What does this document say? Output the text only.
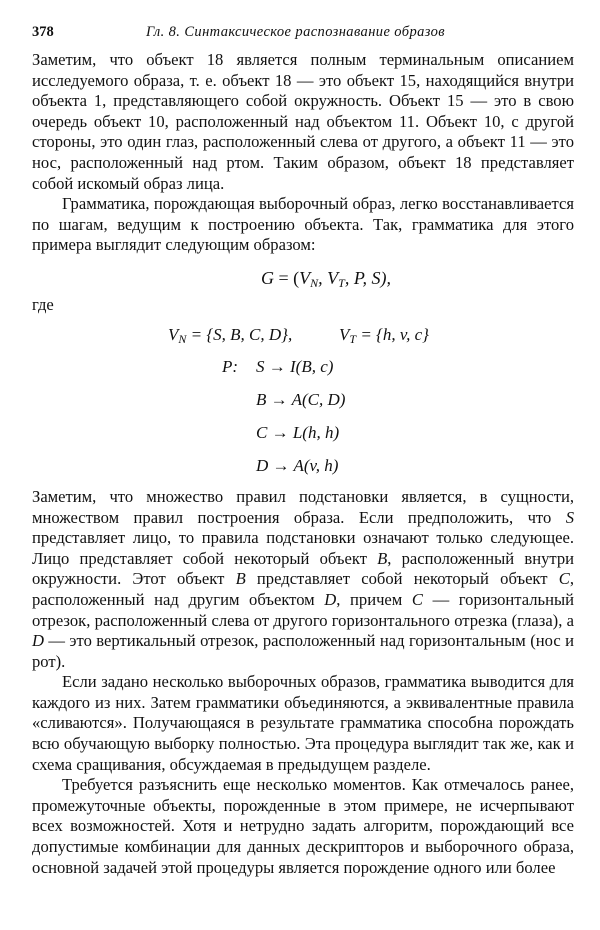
378	Гл. 8. Синтаксическое распознавание образов

Заметим, что объект 18 является полным терминальным описанием исследуемого образа, т. е. объект 18 — это объект 15, находящийся внутри объекта 1, представляющего собой окружность. Объект 15 — это в свою очередь объект 10, расположенный над объектом 11. Объект 10, с другой стороны, это один глаз, расположенный слева от другого, а объект 11 — это нос, расположенный над ртом. Таким образом, объект 18 представляет собой искомый образ лица.

Грамматика, порождающая выборочный образ, легко восстанавливается по шагам, ведущим к построению объекта. Так, грамматика для этого примера выглядит следующим образом:

$G = (V_N$, $V_T$, P, S),
где
$V_N = \{S$, B, C, D},	$V_T = \{h$, v, c}
P: S → I(B, c)
B → A(C, D)
C → L(h, h)
D → A(v, h)

Заметим, что множество правил подстановки является, в сущности, множеством правил построения образа. Если предположить, что S представляет лицо, то правила подстановки означают только следующее. Лицо представляет собой некоторый объект B, расположенный внутри окружности. Этот объект B представляет собой некоторый объект C, расположенный над другим объектом D, причем C — горизонтальный отрезок, расположенный слева от другого горизонтального отрезка (глаза), а D — это вертикальный отрезок, расположенный над горизонтальным (нос и рот).

Если задано несколько выборочных образов, грамматика выводится для каждого из них. Затем грамматики объединяются, а эквивалентные правила «сливаются». Получающаяся в результате грамматика способна порождать всю обучающую выборку полностью. Эта процедура выглядит так же, как и схема сращивания, обсуждаемая в предыдущем разделе.

Требуется разъяснить еще несколько моментов. Как отмечалось ранее, промежуточные объекты, порожденные в этом примере, не исчерпывают всех возможностей. Хотя и нетрудно задать алгоритм, порождающий все допустимые комбинации для данных дескрипторов и выборочного образа, основной задачей этой процедуры является порождение одного или более
